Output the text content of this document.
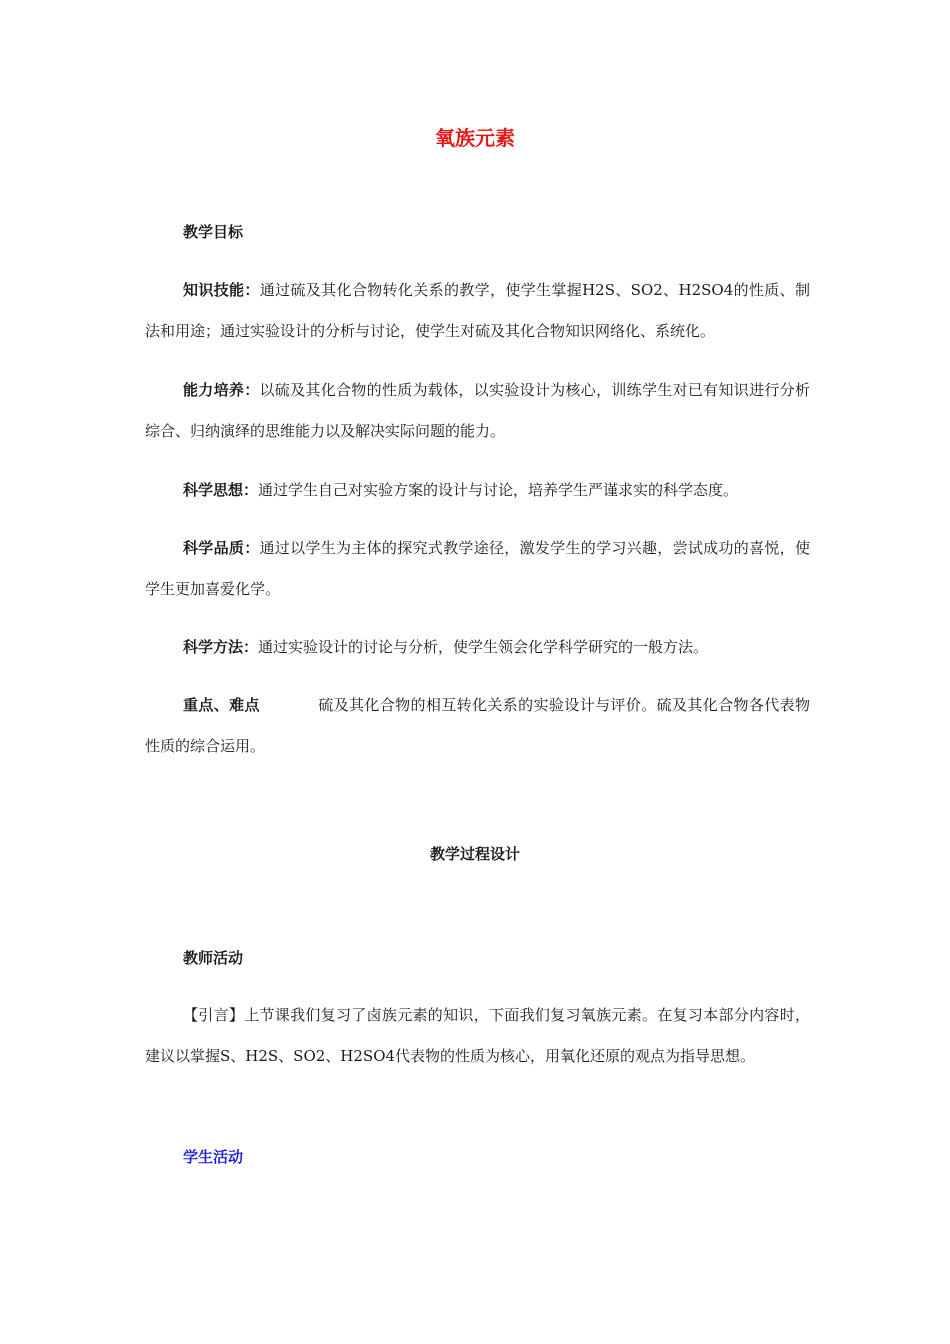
氧族元素
教学目标
知识技能：通过硫及其化合物转化关系的教学，使学生掌握H2S、SO2、H2SO4的性质、制法和用途；通过实验设计的分析与讨论，使学生对硫及其化合物知识网络化、系统化。
能力培养：以硫及其化合物的性质为载体，以实验设计为核心，训练学生对已有知识进行分析综合、归纳演绎的思维能力以及解决实际问题的能力。
科学思想：通过学生自己对实验方案的设计与讨论，培养学生严谨求实的科学态度。
科学品质：通过以学生为主体的探究式教学途径，激发学生的学习兴趣，尝试成功的喜悦，使学生更加喜爱化学。
科学方法：通过实验设计的讨论与分析，使学生领会化学科学研究的一般方法。
重点、难点	硫及其化合物的相互转化关系的实验设计与评价。硫及其化合物各代表物性质的综合运用。
教学过程设计
教师活动
【引言】上节课我们复习了卤族元素的知识，下面我们复习氧族元素。在复习本部分内容时，建议以掌握S、H2S、SO2、H2SO4代表物的性质为核心，用氧化还原的观点为指导思想。
学生活动
